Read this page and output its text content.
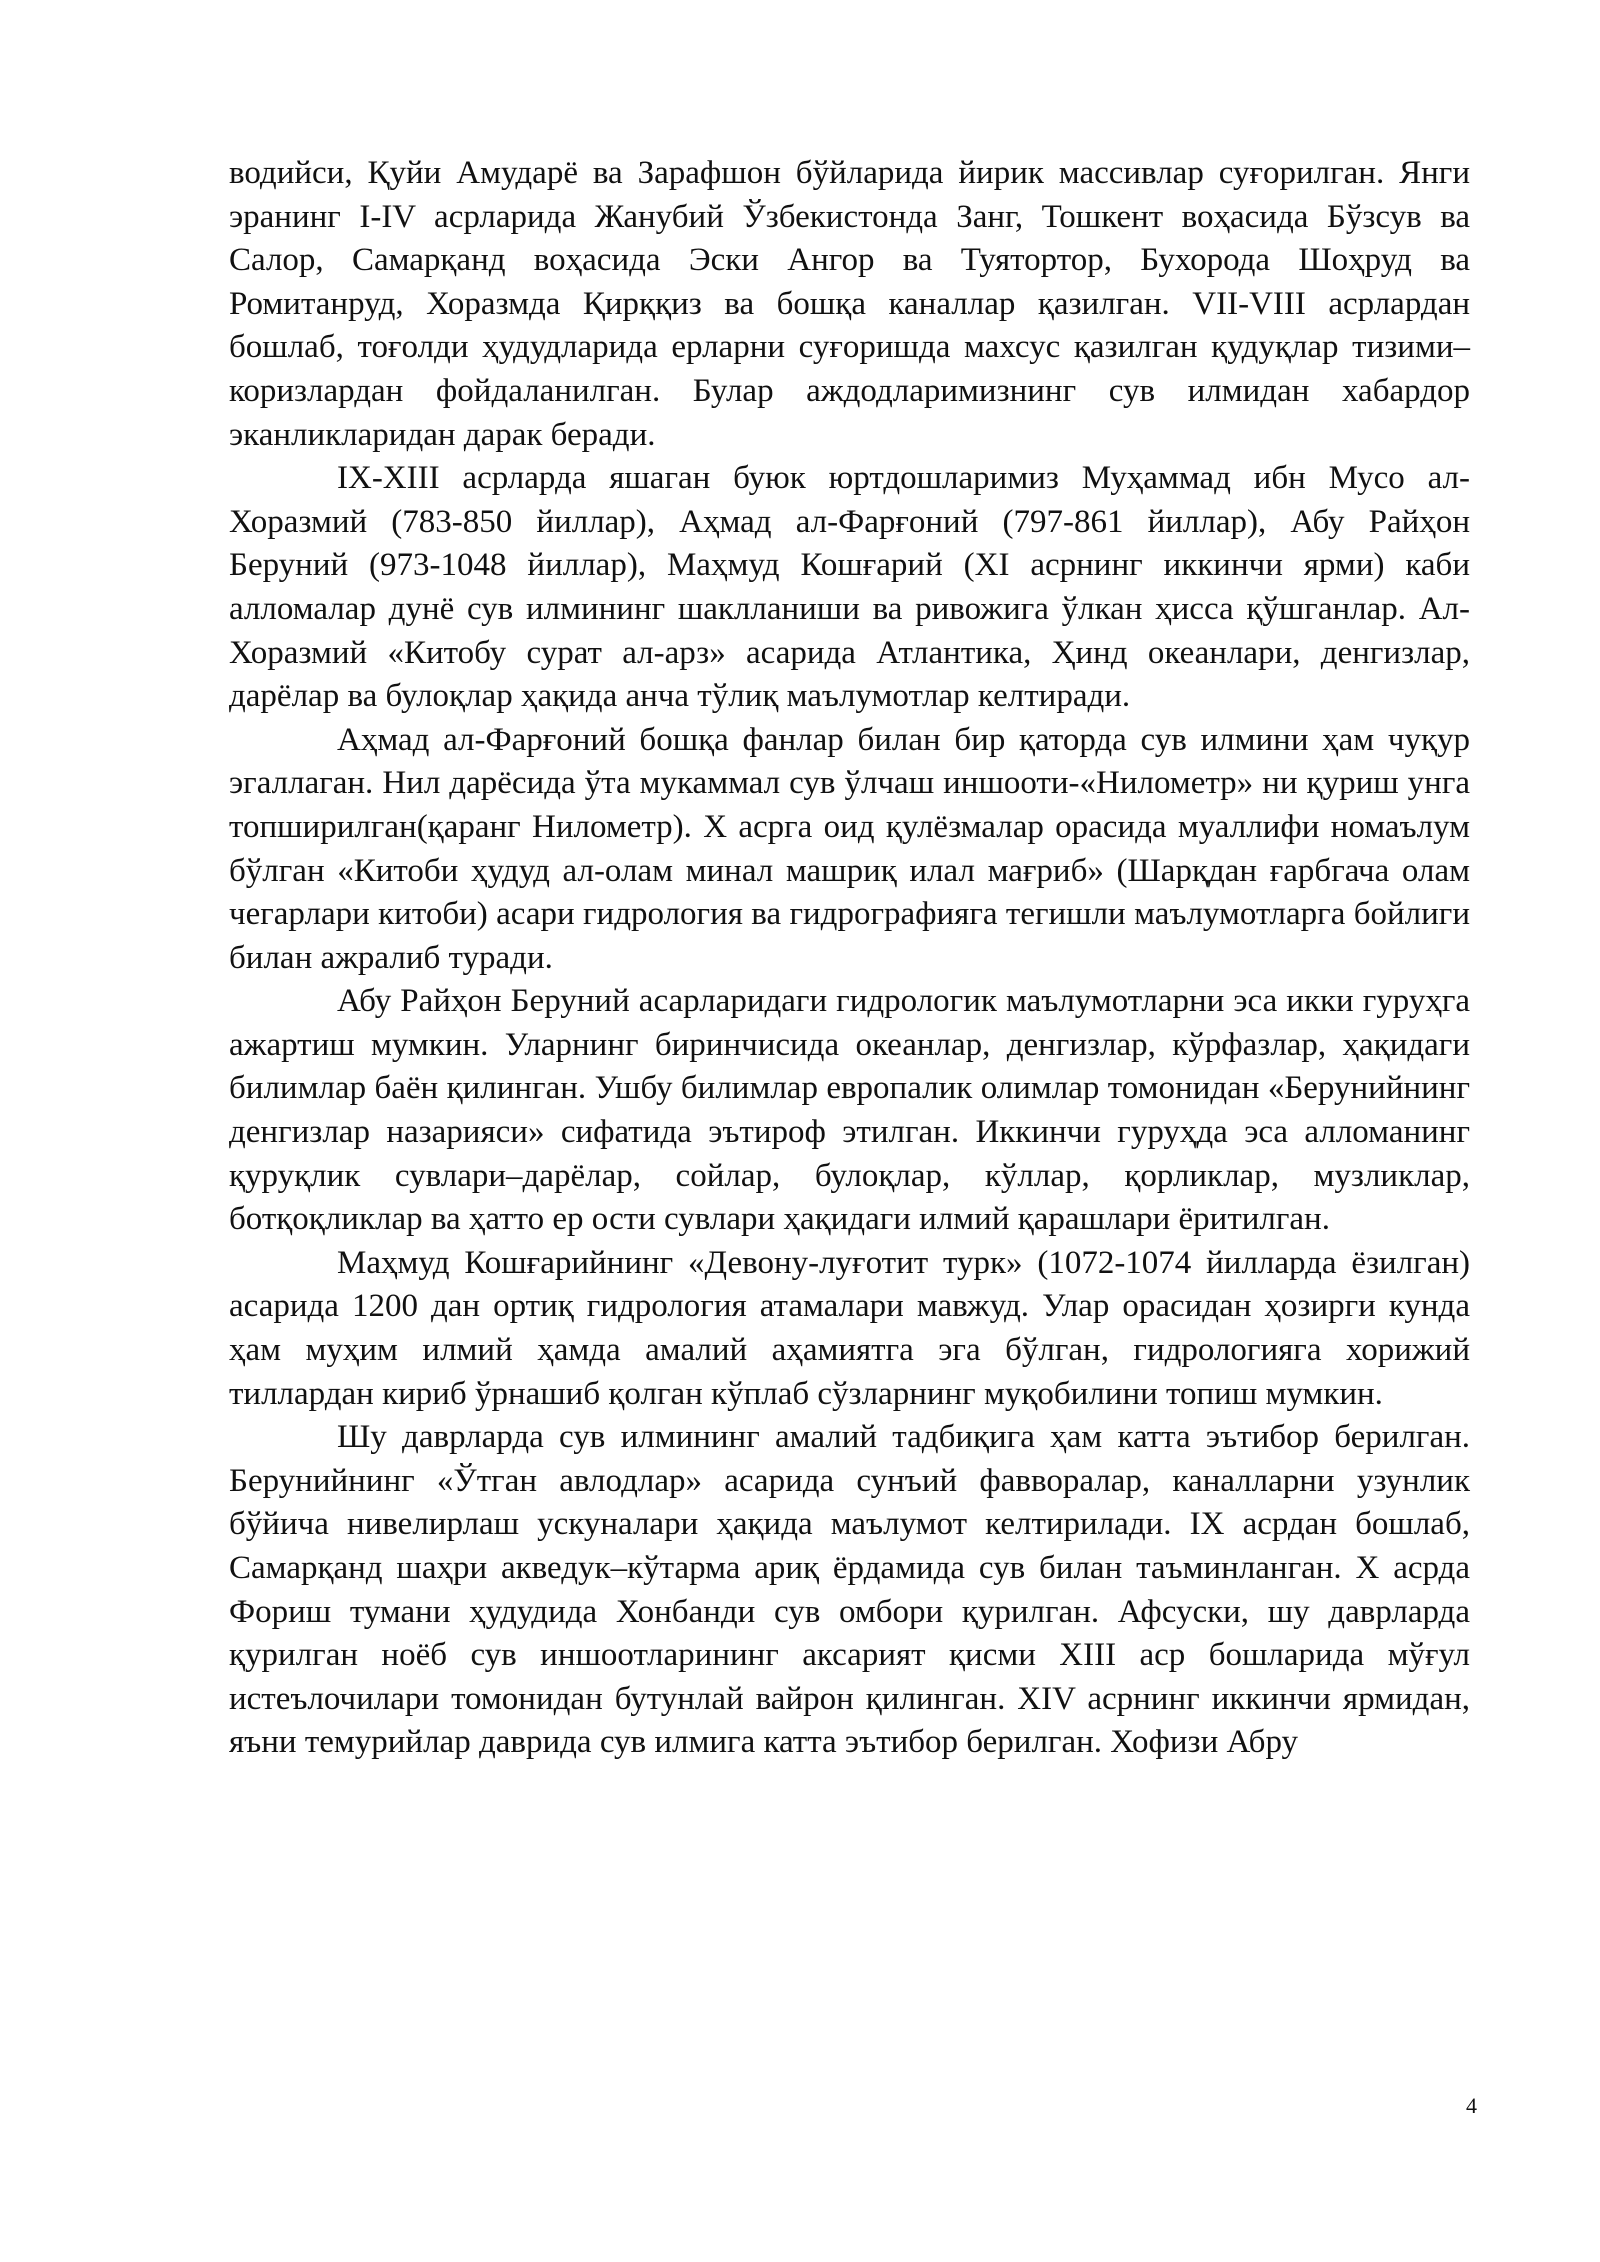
водийси, Қуйи Амударё ва Зарафшон бўйларида йирик массивлар суғорилган. Янги эранинг I-IV асрларида Жанубий Ўзбекистонда Занг, Тошкент воҳасида Бўзсув ва Салор, Самарқанд воҳасида Эски Ангор ва Туятортор, Бухорода Шоҳруд ва Ромитанруд, Хоразмда Қирққиз ва бошқа каналлар қазилган. VII-VIII асрлардан бошлаб, тоғолди ҳудудларида ерларни суғоришда махсус қазилган қудуқлар тизими–коризлардан фойдаланилган. Булар аждодларимизнинг сув илмидан хабардор эканликларидан дарак беради.

IX-XIII асрларда яшаган буюк юртдошларимиз Муҳаммад ибн Мусо ал-Хоразмий (783-850 йиллар), Аҳмад ал-Фарғоний (797-861 йиллар), Абу Райҳон Беруний (973-1048 йиллар), Маҳмуд Кошғарий (XI асрнинг иккинчи ярми) каби алломалар дунё сув илмининг шаклланиши ва ривожига ўлкан ҳисса қўшганлар. Ал-Хоразмий «Китобу сурат ал-арз» асарида Атлантика, Ҳинд океанлари, денгизлар, дарёлар ва булоқлар ҳақида анча тўлиқ маълумотлар келтиради.

Аҳмад ал-Фарғоний бошқа фанлар билан бир қаторда сув илмини ҳам чуқур эгаллаган. Нил дарёсида ўта мукаммал сув ўлчаш иншооти-«Нилометр» ни қуриш унга топширилган(қаранг Нилометр). X асрга оид қулёзмалар орасида муаллифи номаълум бўлган «Китоби ҳудуд ал-олам минал машриқ илал мағриб» (Шарқдан ғарбгача олам чегарлари китоби) асари гидрология ва гидрографияга тегишли маълумотларга бойлиги билан ажралиб туради.

Абу Райҳон Беруний асарларидаги гидрологик маълумотларни эса икки гуруҳга ажартиш мумкин. Уларнинг биринчисида океанлар, денгизлар, кўрфазлар, ҳақидаги билимлар баён қилинган. Ушбу билимлар европалик олимлар томонидан «Берунийнинг денгизлар назарияси» сифатида эътироф этилган. Иккинчи гуруҳда эса алломанинг қуруқлик сувлари–дарёлар, сойлар, булоқлар, кўллар, қорликлар, музликлар, ботқоқликлар ва ҳатто ер ости сувлари ҳақидаги илмий қарашлари ёритилган.

Маҳмуд Кошғарийнинг «Девону-луғотит турк» (1072-1074 йилларда ёзилган) асарида 1200 дан ортиқ гидрология атамалари мавжуд. Улар орасидан ҳозирги кунда ҳам муҳим илмий ҳамда амалий аҳамиятга эга бўлган, гидрологияга хорижий тиллардан кириб ўрнашиб қолган кўплаб сўзларнинг муқобилини топиш мумкин.

Шу даврларда сув илмининг амалий тадбиқига ҳам катта эътибор берилган. Берунийнинг «Ўтган авлодлар» асарида сунъий фавворалар, каналларни узунлик бўйича нивелирлаш ускуналари ҳақида маълумот келтирилади. IX асрдан бошлаб, Самарқанд шаҳри акведук–кўтарма ариқ ёрдамида сув билан таъминланган. X асрда Фориш тумани ҳудудида Хонбанди сув омбори қурилган. Афсуски, шу даврларда қурилган ноёб сув иншоотларининг аксарият қисми XIII аср бошларида мўғул истеълочилари томонидан бутунлай вайрон қилинган. XIV асрнинг иккинчи ярмидан, яъни темурийлар даврида сув илмига катта эътибор берилган. Хофизи Абру

4
